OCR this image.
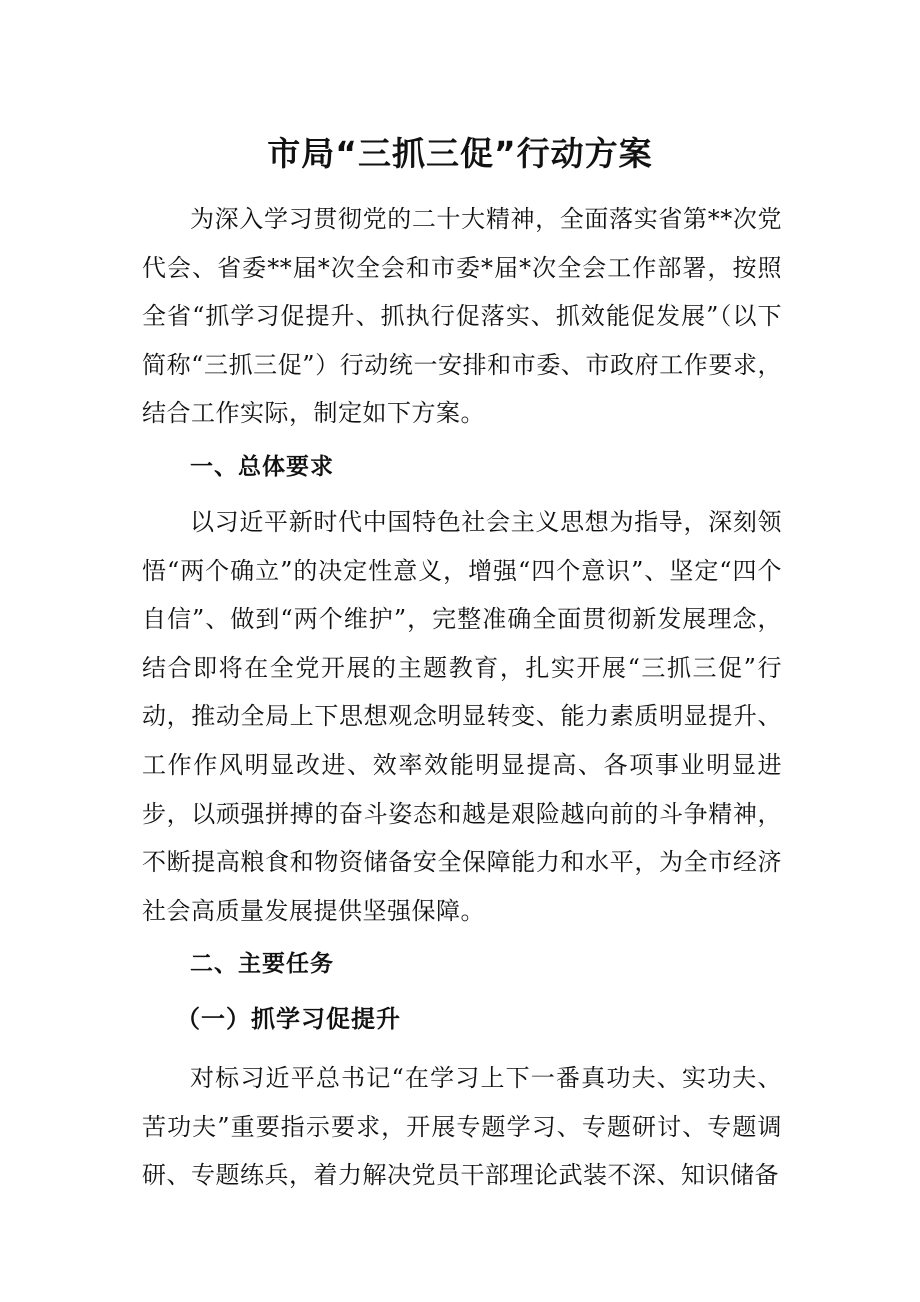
市局“三抓三促”行动方案

为深入学习贯彻党的二十大精神，全面落实省第**次党代会、省委**届*次全会和市委*届*次全会工作部署，按照全省“抓学习促提升、抓执行促落实、抓效能促发展”（以下简称“三抓三促”）行动统一安排和市委、市政府工作要求，结合工作实际，制定如下方案。

一、总体要求

以习近平新时代中国特色社会主义思想为指导，深刻领悟“两个确立”的决定性意义，增强“四个意识”、坚定“四个自信”、做到“两个维护”，完整准确全面贯彻新发展理念，结合即将在全党开展的主题教育，扎实开展“三抓三促”行动，推动全局上下思想观念明显转变、能力素质明显提升、工作作风明显改进、效率效能明显提高、各项事业明显进步，以顽强拼搏的奋斗姿态和越是艰险越向前的斗争精神，不断提高粮食和物资储备安全保障能力和水平，为全市经济社会高质量发展提供坚强保障。

二、主要任务
（一）抓学习促提升

对标习近平总书记“在学习上下一番真功夫、实功夫、苦功夫”重要指示要求，开展专题学习、专题研讨、专题调研、专题练兵，着力解决党员干部理论武装不深、知识储备
